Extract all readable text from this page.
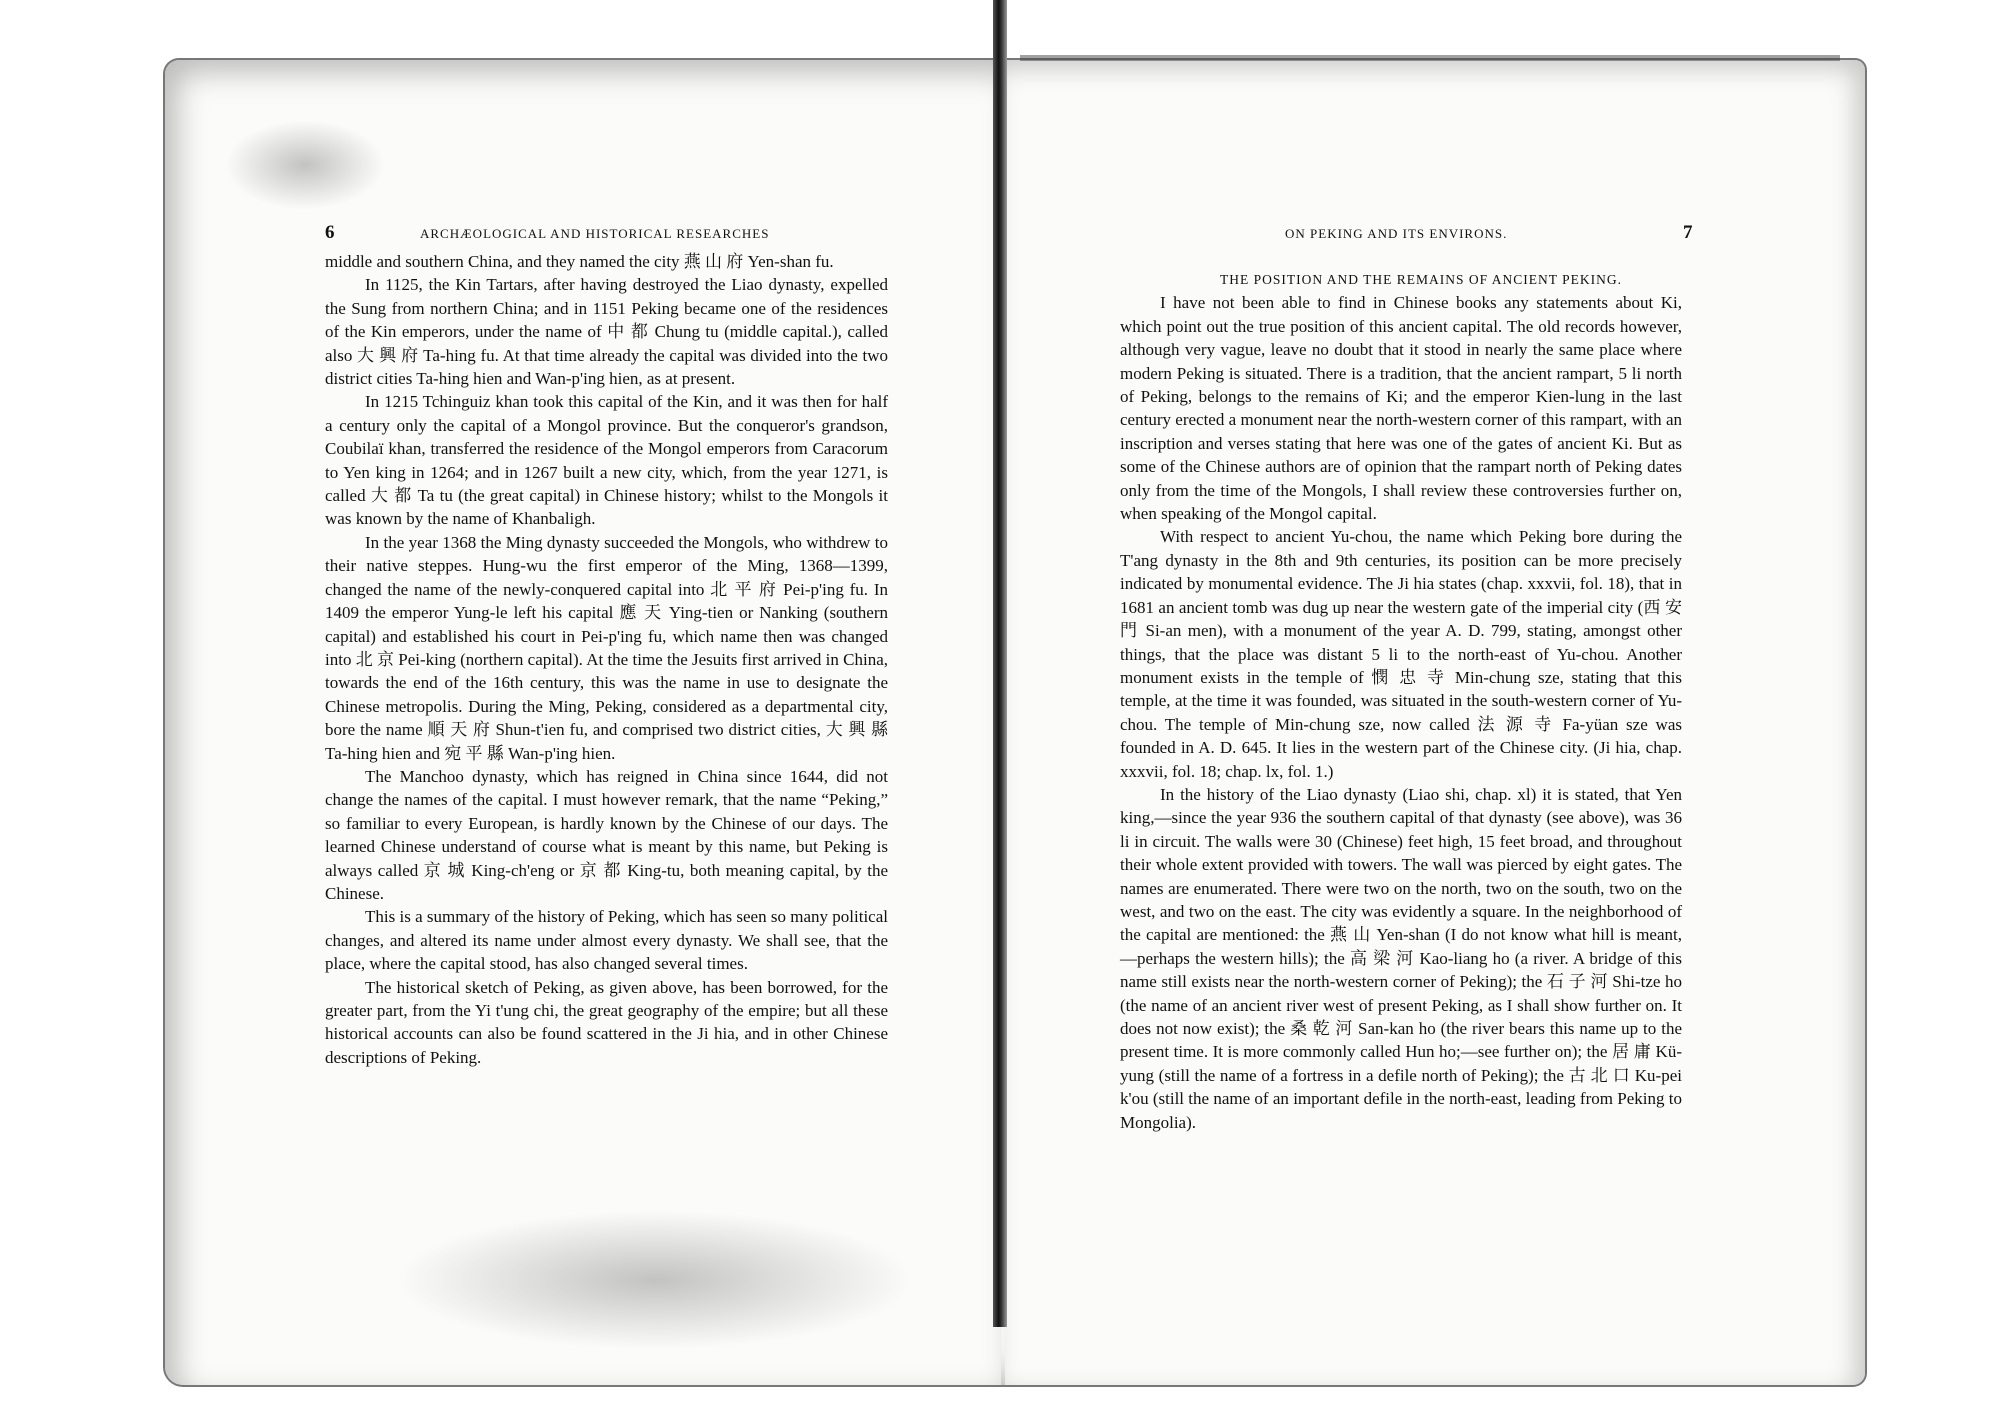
6	ARCHÆOLOGICAL AND HISTORICAL RESEARCHES

middle and southern China, and they named the city 燕 山 府 Yen-shan fu.

In 1125, the Kin Tartars, after having destroyed the Liao dynasty, expelled the Sung from northern China; and in 1151 Peking became one of the residences of the Kin emperors, under the name of 中 都 Chung tu (middle capital.), called also 大 興 府 Ta-hing fu. At that time already the capital was divided into the two district cities Ta-hing hien and Wan-p'ing hien, as at present.

In 1215 Tchinguiz khan took this capital of the Kin, and it was then for half a century only the capital of a Mongol province. But the conqueror's grandson, Coubilaï khan, transferred the residence of the Mongol emperors from Caracorum to Yen king in 1264; and in 1267 built a new city, which, from the year 1271, is called 大 都 Ta tu (the great capital) in Chinese history; whilst to the Mongols it was known by the name of Khanbaligh.

In the year 1368 the Ming dynasty succeeded the Mongols, who withdrew to their native steppes. Hung-wu the first emperor of the Ming, 1368—1399, changed the name of the newly-conquered capital into 北 平 府 Pei-p'ing fu. In 1409 the emperor Yung-le left his capital 應 天 Ying-tien or Nanking (southern capital) and established his court in Pei-p'ing fu, which name then was changed into 北 京 Pei-king (northern capital). At the time the Jesuits first arrived in China, towards the end of the 16th century, this was the name in use to designate the Chinese metropolis. During the Ming, Peking, considered as a departmental city, bore the name 順 天 府 Shun-t'ien fu, and comprised two district cities, 大 興 縣 Ta-hing hien and 宛 平 縣 Wan-p'ing hien.

The Manchoo dynasty, which has reigned in China since 1644, did not change the names of the capital. I must however remark, that the name “Peking,” so familiar to every European, is hardly known by the Chinese of our days. The learned Chinese understand of course what is meant by this name, but Peking is always called 京 城 King-ch'eng or 京 都 King-tu, both meaning capital, by the Chinese.

This is a summary of the history of Peking, which has seen so many political changes, and altered its name under almost every dynasty. We shall see, that the place, where the capital stood, has also changed several times.

The historical sketch of Peking, as given above, has been borrowed, for the greater part, from the Yi t'ung chi, the great geography of the empire; but all these historical accounts can also be found scattered in the Ji hia, and in other Chinese descriptions of Peking.

ON PEKING AND ITS ENVIRONS.	7

THE POSITION AND THE REMAINS OF ANCIENT PEKING.

I have not been able to find in Chinese books any statements about Ki, which point out the true position of this ancient capital. The old records however, although very vague, leave no doubt that it stood in nearly the same place where modern Peking is situated. There is a tradition, that the ancient rampart, 5 li north of Peking, belongs to the remains of Ki; and the emperor Kien-lung in the last century erected a monument near the north-western corner of this rampart, with an inscription and verses stating that here was one of the gates of ancient Ki. But as some of the Chinese authors are of opinion that the rampart north of Peking dates only from the time of the Mongols, I shall review these controversies further on, when speaking of the Mongol capital.

With respect to ancient Yu-chou, the name which Peking bore during the T'ang dynasty in the 8th and 9th centuries, its position can be more precisely indicated by monumental evidence. The Ji hia states (chap. xxxvii, fol. 18), that in 1681 an ancient tomb was dug up near the western gate of the imperial city (西 安 門 Si-an men), with a monument of the year A. D. 799, stating, amongst other things, that the place was distant 5 li to the north-east of Yu-chou. Another monument exists in the temple of 憫 忠 寺 Min-chung sze, stating that this temple, at the time it was founded, was situated in the south-western corner of Yu-chou. The temple of Min-chung sze, now called 法 源 寺 Fa-yüan sze was founded in A. D. 645. It lies in the western part of the Chinese city. (Ji hia, chap. xxxvii, fol. 18; chap. lx, fol. 1.)

In the history of the Liao dynasty (Liao shi, chap. xl) it is stated, that Yen king,—since the year 936 the southern capital of that dynasty (see above), was 36 li in circuit. The walls were 30 (Chinese) feet high, 15 feet broad, and throughout their whole extent provided with towers. The wall was pierced by eight gates. The names are enumerated. There were two on the north, two on the south, two on the west, and two on the east. The city was evidently a square. In the neighborhood of the capital are mentioned: the 燕 山 Yen-shan (I do not know what hill is meant,—perhaps the western hills); the 高 梁 河 Kao-liang ho (a river. A bridge of this name still exists near the north-western corner of Peking); the 石 子 河 Shi-tze ho (the name of an ancient river west of present Peking, as I shall show further on. It does not now exist); the 桑 乾 河 San-kan ho (the river bears this name up to the present time. It is more commonly called Hun ho;—see further on); the 居 庸 Kü-yung (still the name of a fortress in a defile north of Peking); the 古 北 口 Ku-pei k'ou (still the name of an important defile in the north-east, leading from Peking to Mongolia).
